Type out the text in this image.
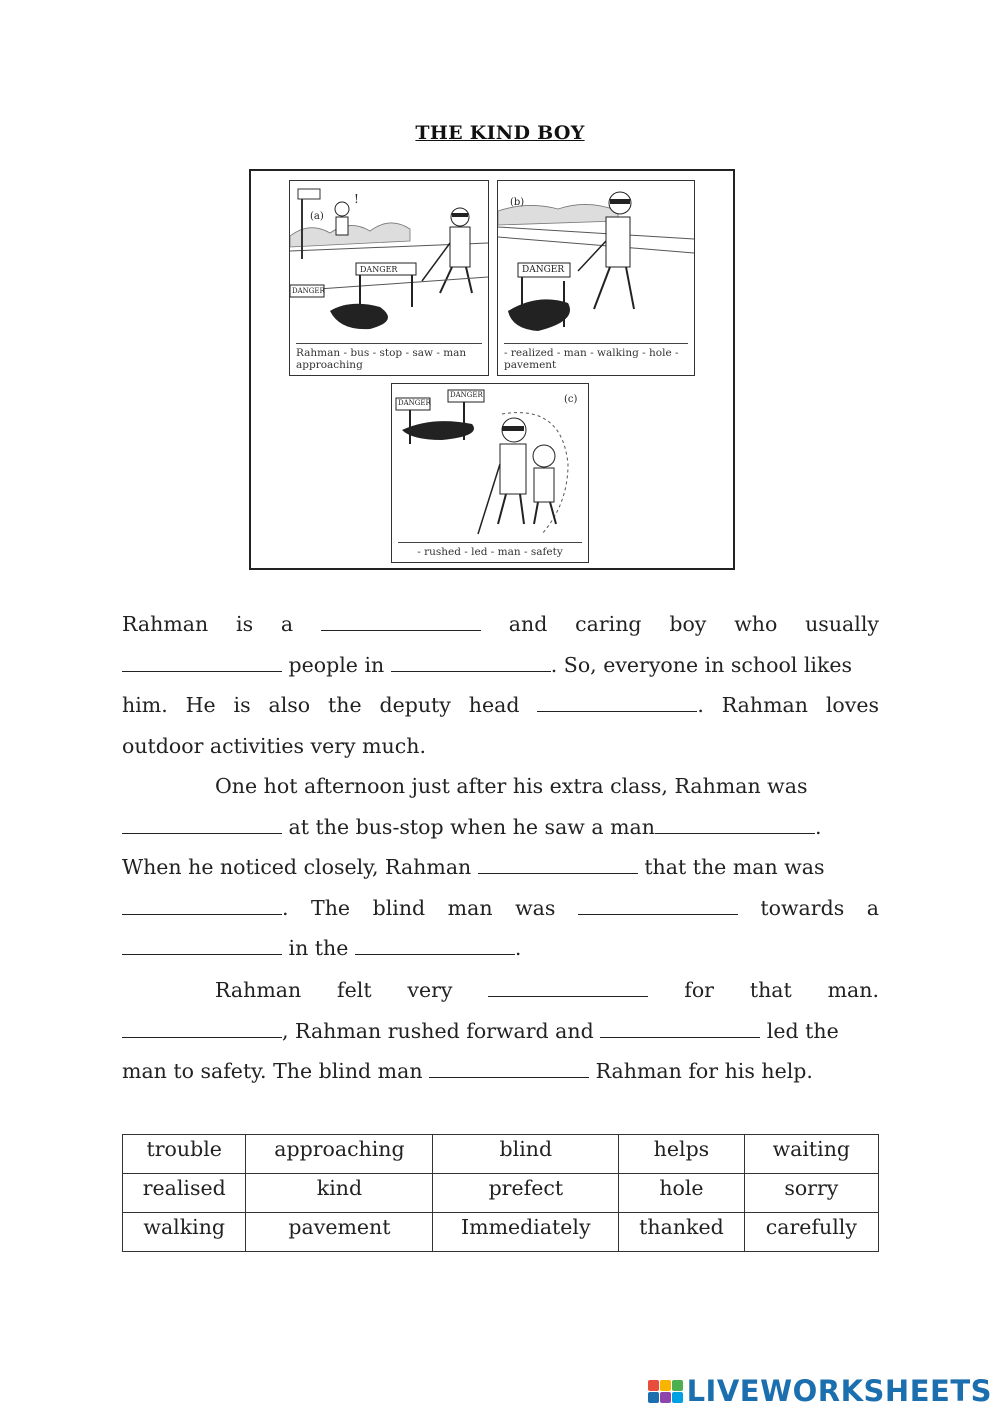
THE KIND BOY
!
(a)
DANGER
DANGER
Rahman - bus - stop - saw - man approaching
(b)
DANGER
- realized - man - walking - hole - pavement
(c)
DANGER
DANGER
- rushed - led - man - safety
Rahman is a	and caring boy who usually
people in	. So, everyone in school likes
him. He is also the deputy head	. Rahman loves
outdoor activities very much.
One hot afternoon just after his extra class, Rahman was
at the bus-stop when he saw a man	.
When he noticed closely, Rahman	that the man was
. The blind man was	towards a
in the	.
Rahman felt very	for that man.
, Rahman rushed forward and	led the
man to safety. The blind man	Rahman for his help.
trouble	approaching	blind	helps	waiting
realised	kind	prefect	hole	sorry
walking	pavement	Immediately	thanked	carefully
LIVEWORKSHEETS
